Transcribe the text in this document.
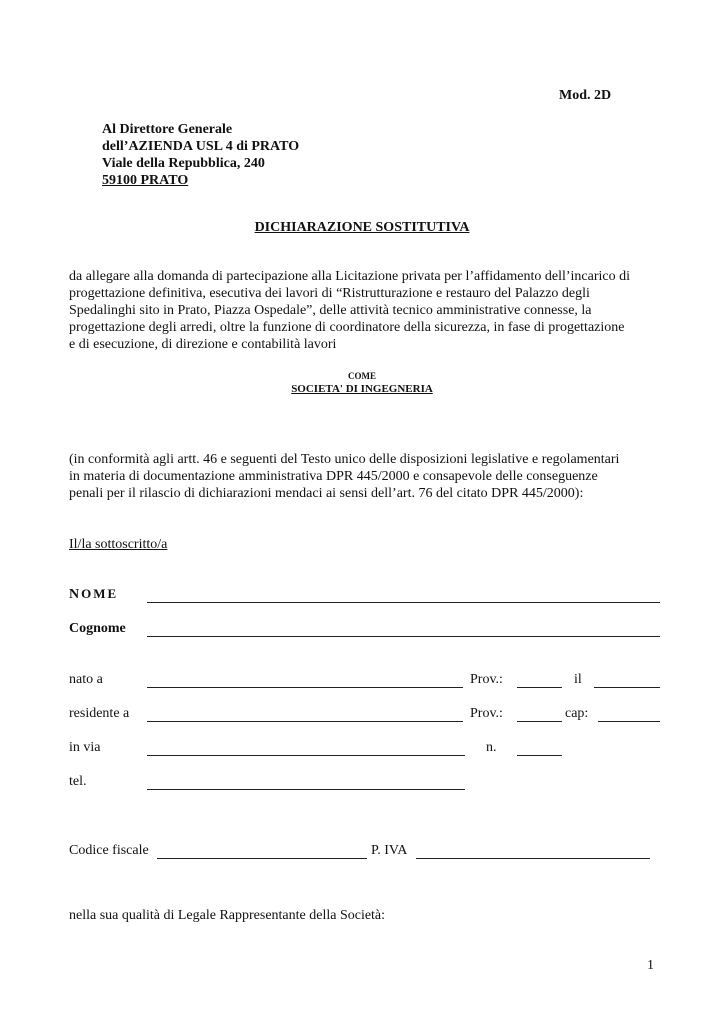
Mod. 2D
Al Direttore Generale
dell’AZIENDA USL 4 di PRATO
Viale della Repubblica, 240
59100 PRATO
DICHIARAZIONE SOSTITUTIVA
da allegare alla domanda di partecipazione alla Licitazione privata per l’affidamento dell’incarico di
progettazione definitiva, esecutiva dei lavori di “Ristrutturazione e restauro del Palazzo degli
Spedalinghi sito in Prato, Piazza Ospedale”, delle attività tecnico amministrative connesse, la
progettazione degli arredi, oltre la funzione di coordinatore della sicurezza, in fase di progettazione
e di esecuzione, di direzione e contabilità lavori
COME
SOCIETA' DI INGEGNERIA
(in conformità agli artt. 46 e seguenti del Testo unico delle disposizioni legislative e regolamentari
in materia di documentazione amministrativa DPR 445/2000 e consapevole delle conseguenze
penali per il rilascio di dichiarazioni mendaci ai sensi dell’art. 76 del citato DPR 445/2000):
Il/la sottoscritto/a
NOME
Cognome
nato a	Prov.:	il
residente a	Prov.:	cap:
in via	n.
tel.
Codice fiscale	P. IVA
nella sua qualità di Legale Rappresentante della Società:
1
